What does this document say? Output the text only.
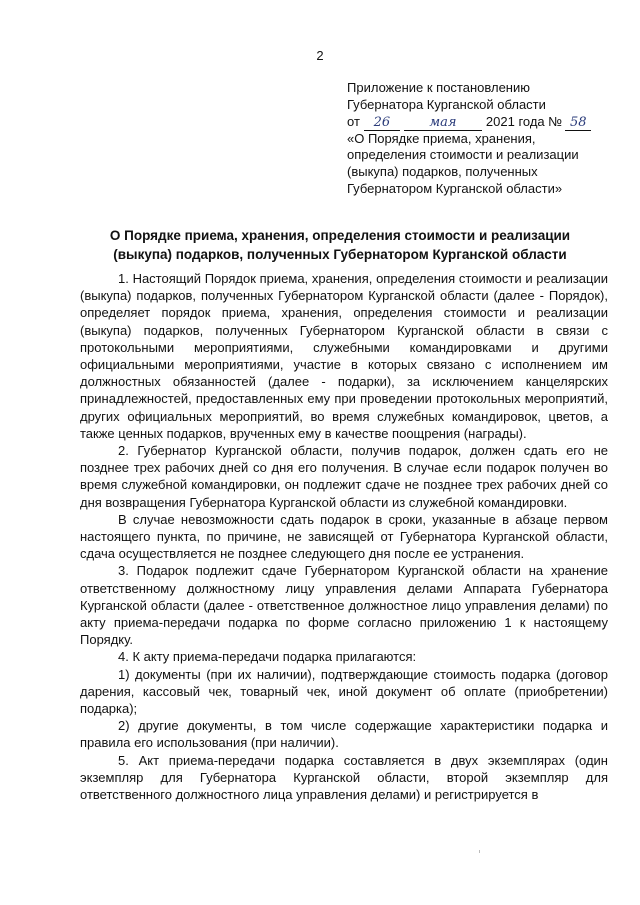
2
Приложение к постановлению
Губернатора Курганской области
от 26	мая 2021 года № 58
«О Порядке приема, хранения,
определения стоимости и реализации
(выкупа) подарков, полученных
Губернатором Курганской области»
О Порядке приема, хранения, определения стоимости и реализации
(выкупа) подарков, полученных Губернатором Курганской области

1. Настоящий Порядок приема, хранения, определения стоимости и реализации (выкупа) подарков, полученных Губернатором Курганской области (далее - Порядок), определяет порядок приема, хранения, определения стоимости и реализации (выкупа) подарков, полученных Губернатором Курганской области в связи с протокольными мероприятиями, служебными командировками и другими официальными мероприятиями, участие в которых связано с исполнением им должностных обязанностей (далее - подарки), за исключением канцелярских принадлежностей, предоставленных ему при проведении протокольных мероприятий, других официальных мероприятий, во время служебных командировок, цветов, а также ценных подарков, врученных ему в качестве поощрения (награды).

2. Губернатор Курганской области, получив подарок, должен сдать его не позднее трех рабочих дней со дня его получения. В случае если подарок получен во время служебной командировки, он подлежит сдаче не позднее трех рабочих дней со дня возвращения Губернатора Курганской области из служебной командировки.

В случае невозможности сдать подарок в сроки, указанные в абзаце первом настоящего пункта, по причине, не зависящей от Губернатора Курганской области, сдача осуществляется не позднее следующего дня после ее устранения.

3. Подарок подлежит сдаче Губернатором Курганской области на хранение ответственному должностному лицу управления делами Аппарата Губернатора Курганской области (далее - ответственное должностное лицо управления делами) по акту приема-передачи подарка по форме согласно приложению 1 к настоящему Порядку.

4. К акту приема-передачи подарка прилагаются:

1) документы (при их наличии), подтверждающие стоимость подарка (договор дарения, кассовый чек, товарный чек, иной документ об оплате (приобретении) подарка);

2) другие документы, в том числе содержащие характеристики подарка и правила его использования (при наличии).

5. Акт приема-передачи подарка составляется в двух экземплярах (один экземпляр для Губернатора Курганской области, второй экземпляр для ответственного должностного лица управления делами) и регистрируется в
